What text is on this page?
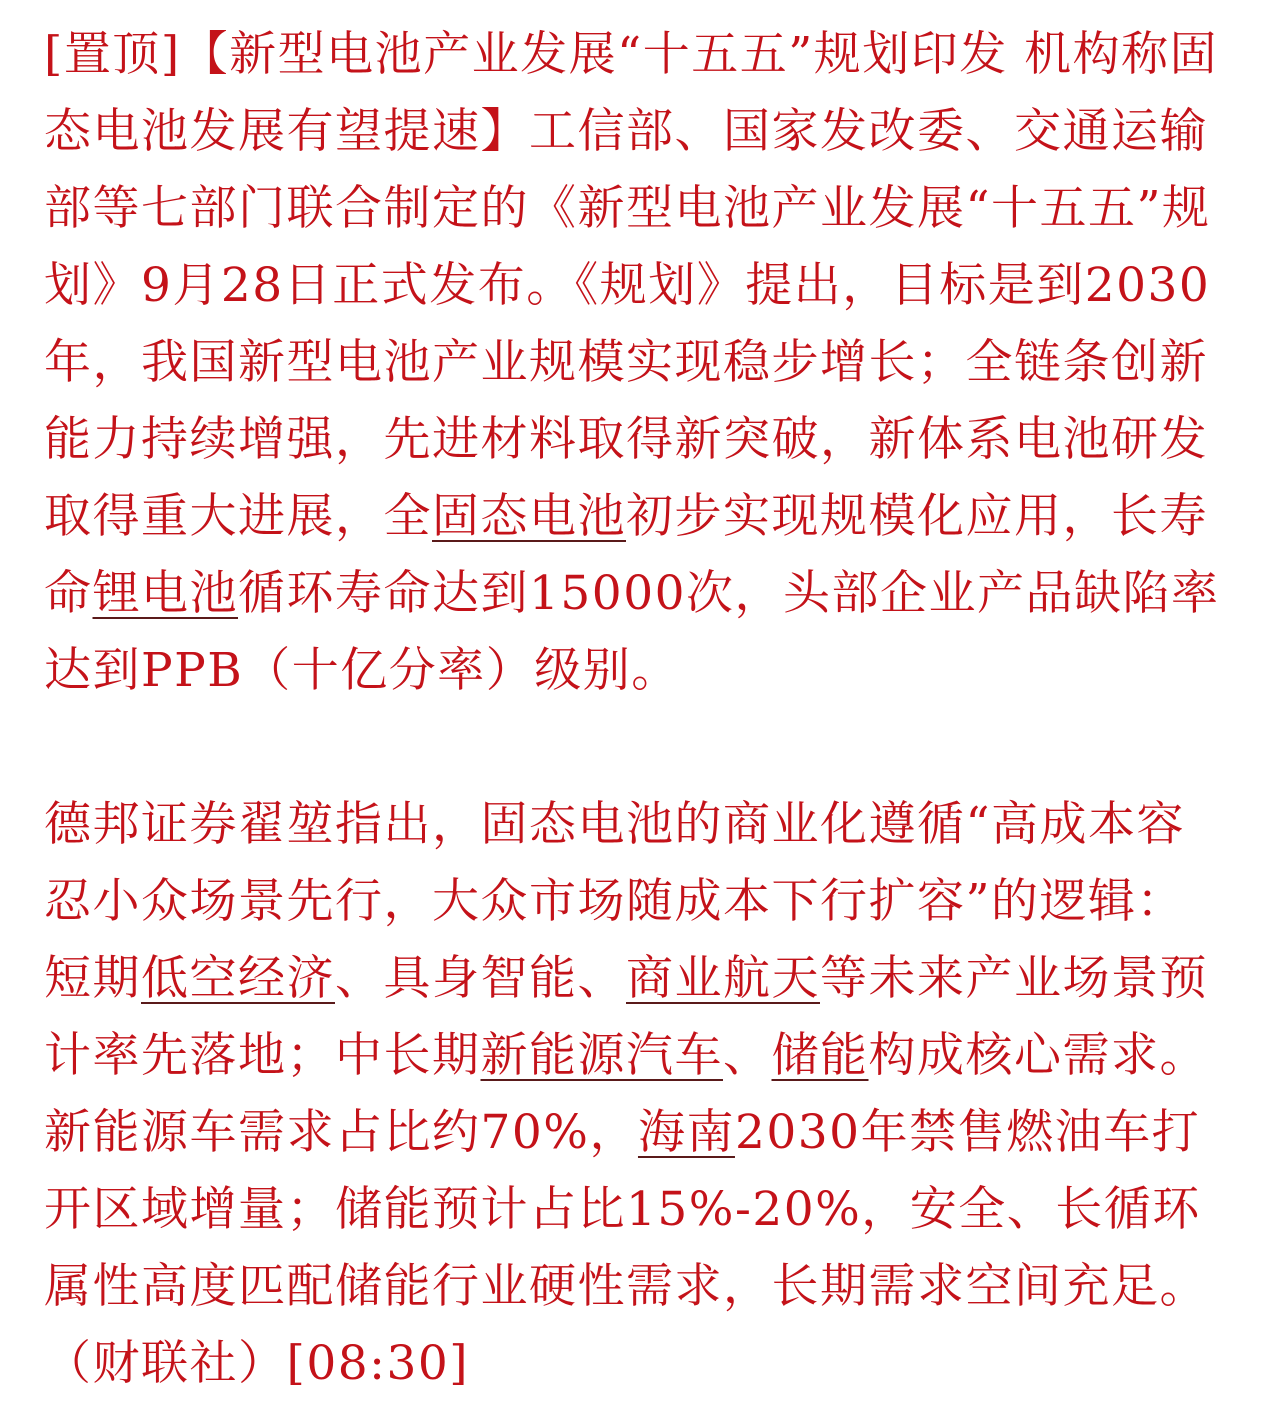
[置顶]【新型电池产业发展“十五五”规划印发 机构称固态电池发展有望提速】工信部、国家发改委、交通运输部等七部门联合制定的《新型电池产业发展“十五五”规划》9月28日正式发布。《规划》提出，目标是到2030年，我国新型电池产业规模实现稳步增长；全链条创新能力持续增强，先进材料取得新突破，新体系电池研发取得重大进展，全固态电池初步实现规模化应用，长寿命锂电池循环寿命达到15000次，头部企业产品缺陷率达到PPB（十亿分率）级别。

德邦证券翟堃指出，固态电池的商业化遵循“高成本容忍小众场景先行，大众市场随成本下行扩容”的逻辑：短期低空经济、具身智能、商业航天等未来产业场景预计率先落地；中长期新能源汽车、储能构成核心需求。新能源车需求占比约70%，海南2030年禁售燃油车打开区域增量；储能预计占比15%-20%，安全、长循环属性高度匹配储能行业硬性需求，长期需求空间充足。（财联社）[08:30]
